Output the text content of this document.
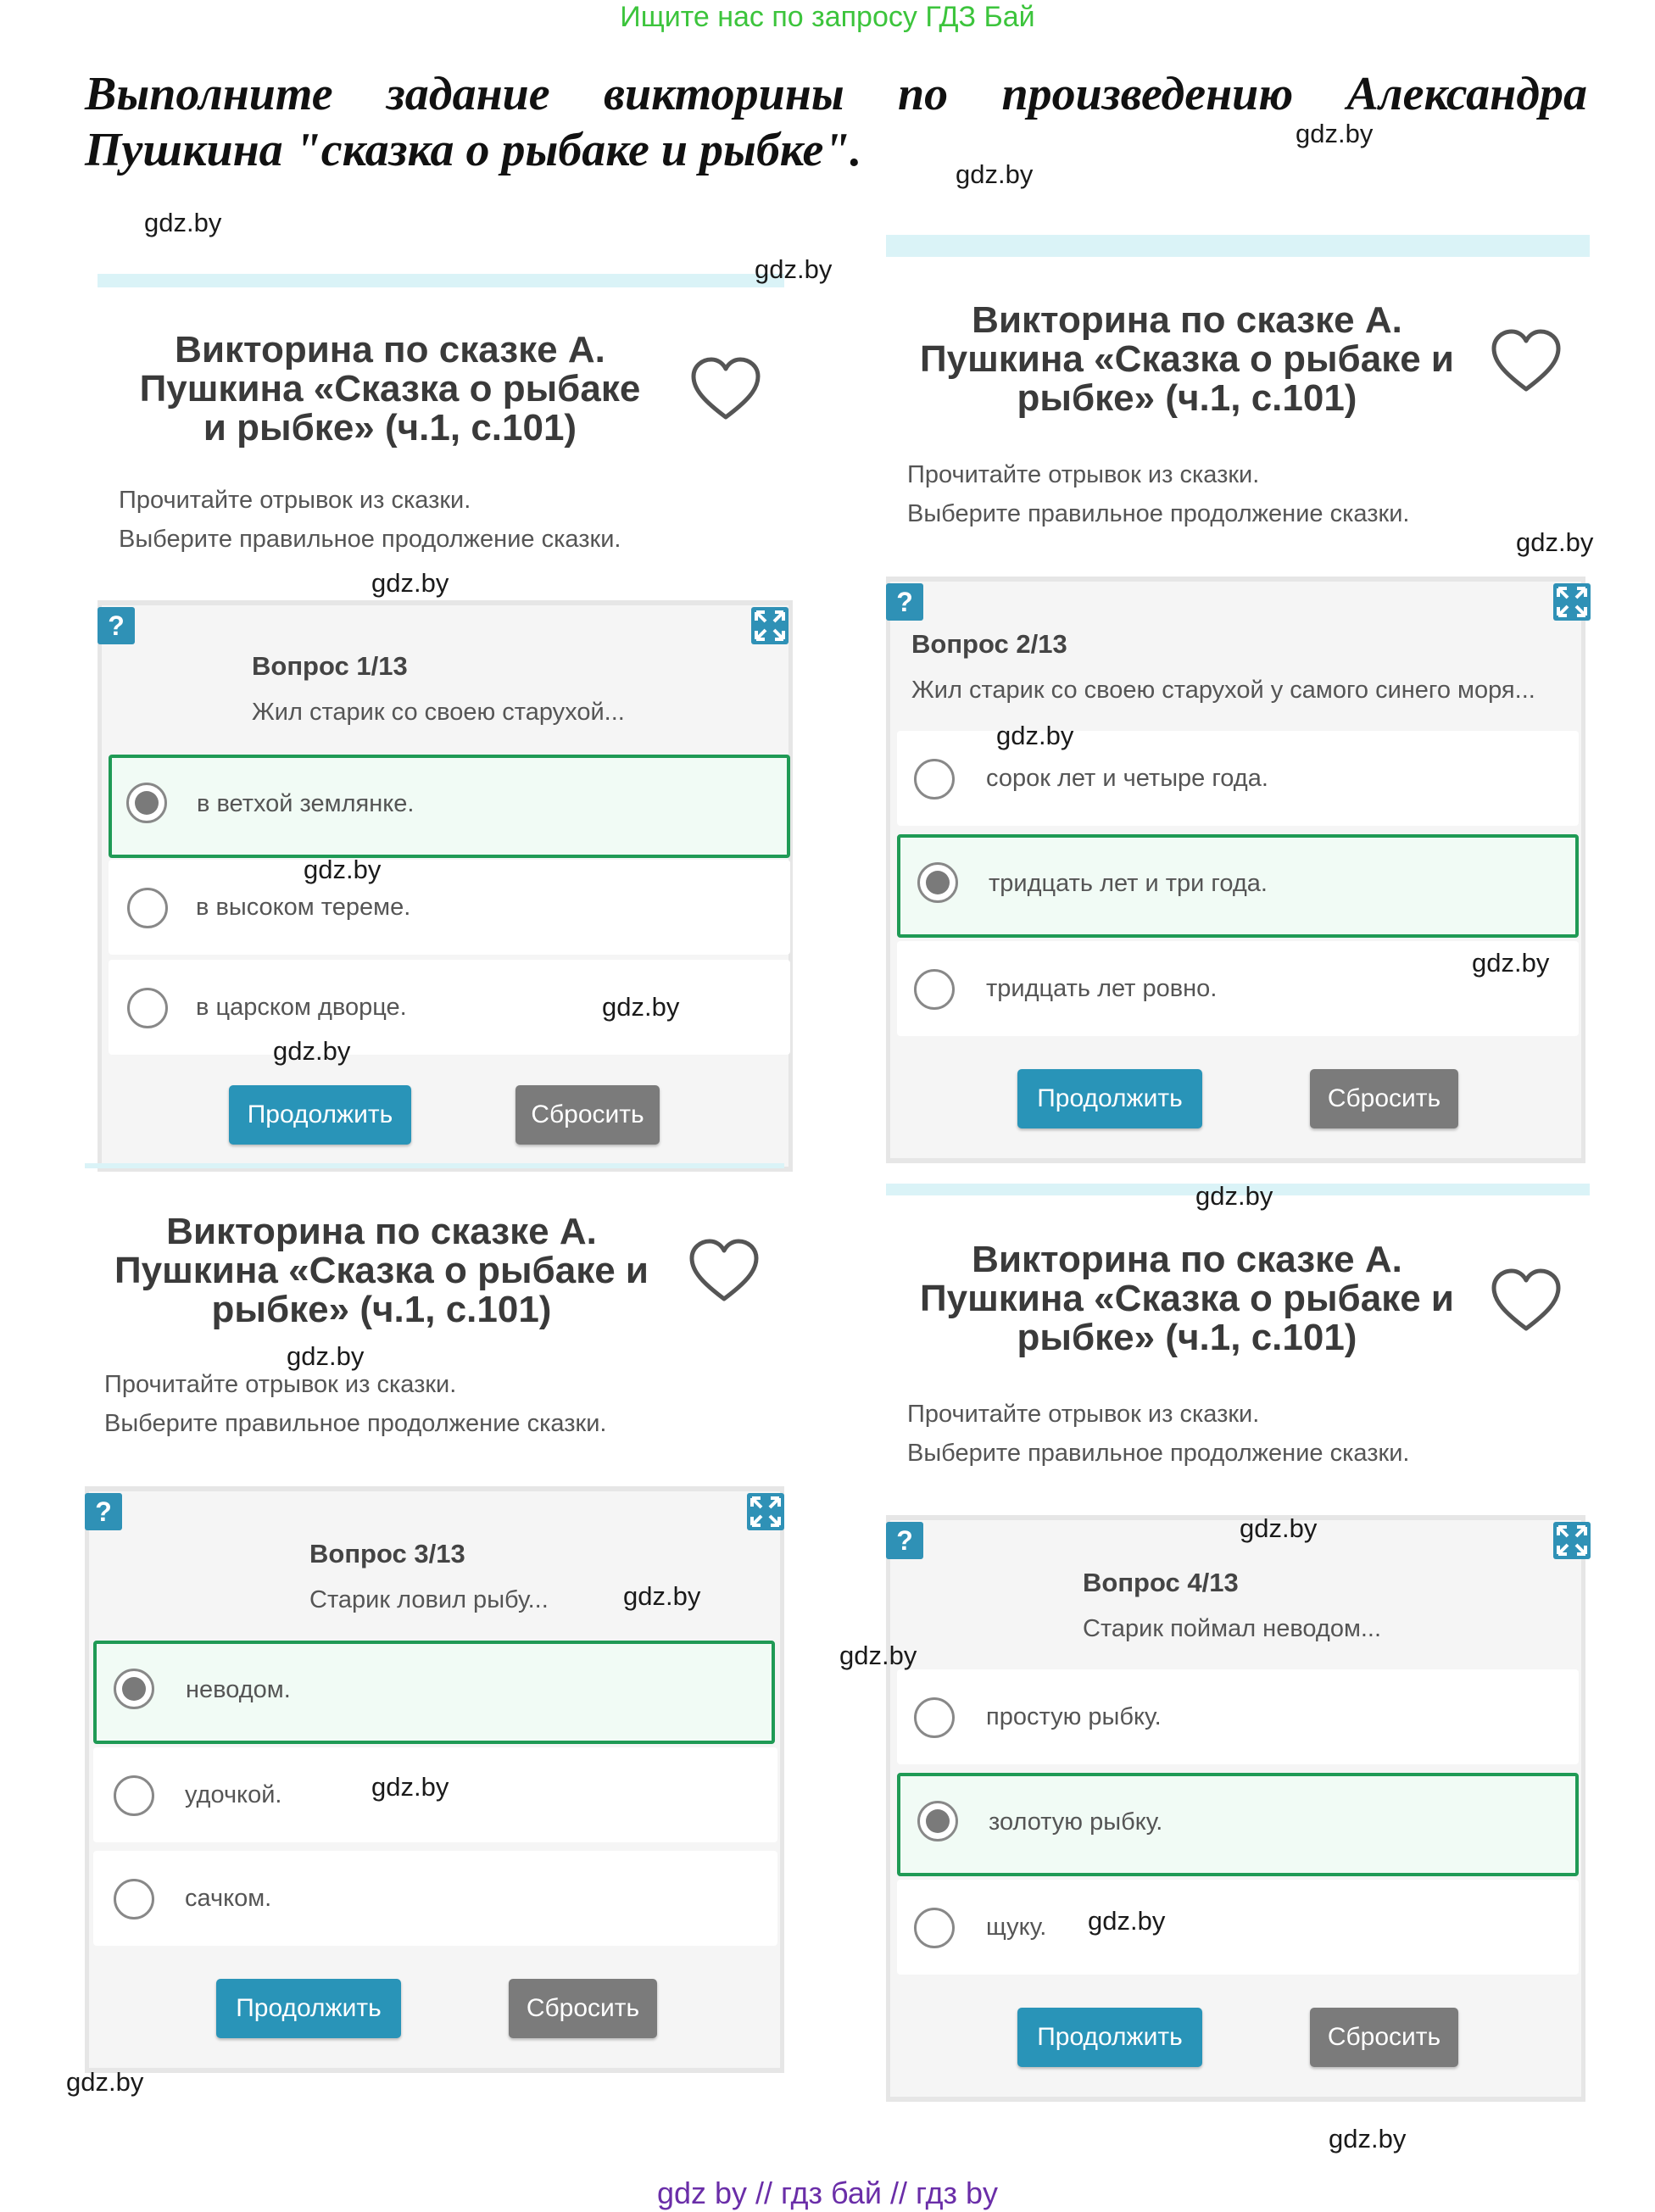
Ищите нас по запросу ГДЗ Бай
Выполните задание викторины по произведению Александра Пушкина "сказка о рыбаке и рыбке".
Викторина по сказке А. Пушкина «Сказка о рыбаке и рыбке» (ч.1, с.101)
Прочитайте отрывок из сказки.
Выберите правильное продолжение сказки.
?
Вопрос 1/13
Жил старик со своею старухой...
в ветхой землянке.
в высоком тереме.
в царском дворце.
Продолжить	Сбросить
Викторина по сказке А. Пушкина «Сказка о рыбаке и рыбке» (ч.1, с.101)
Прочитайте отрывок из сказки.
Выберите правильное продолжение сказки.
?
Вопрос 2/13
Жил старик со своею старухой у самого синего моря...
сорок лет и четыре года.
тридцать лет и три года.
тридцать лет ровно.
Продолжить	Сбросить
Викторина по сказке А. Пушкина «Сказка о рыбаке и рыбке» (ч.1, с.101)
Прочитайте отрывок из сказки.
Выберите правильное продолжение сказки.
?
Вопрос 3/13
Старик ловил рыбу...
неводом.
удочкой.
сачком.
Продолжить	Сбросить
Викторина по сказке А. Пушкина «Сказка о рыбаке и рыбке» (ч.1, с.101)
Прочитайте отрывок из сказки.
Выберите правильное продолжение сказки.
?
Вопрос 4/13
Старик поймал неводом...
простую рыбку.
золотую рыбку.
щуку.
Продолжить	Сбросить
gdz.by
gdz.by
gdz.by
gdz.by
gdz.by
gdz.by
gdz.by
gdz.by
gdz.by
gdz.by
gdz.by
gdz.by
gdz.by
gdz.by
gdz.by
gdz.by
gdz.by
gdz.by
gdz.by
gdz.by
gdz by // гдз бай // гдз by
